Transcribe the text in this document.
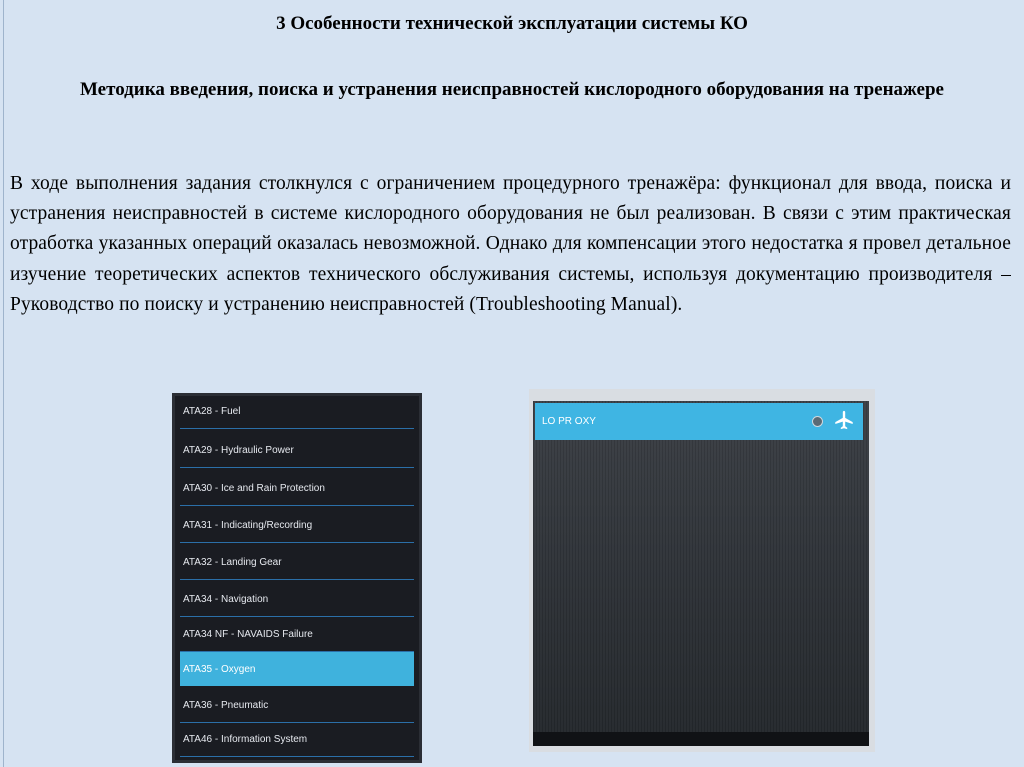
3 Особенности технической эксплуатации системы КО
Методика введения, поиска и устранения неисправностей кислородного оборудования на тренажере
В ходе выполнения задания столкнулся с ограничением процедурного тренажёра: функционал для ввода, поиска и устранения неисправностей в системе кислородного оборудования не был реализован. В связи с этим практическая отработка указанных операций оказалась невозможной. Однако для компенсации этого недостатка я провел детальное изучение теоретических аспектов технического обслуживания системы, используя документацию производителя – Руководство по поиску и устранению неисправностей (Troubleshooting Manual).
ATA28 - Fuel
ATA29 - Hydraulic Power
ATA30 - Ice and Rain Protection
ATA31 - Indicating/Recording
ATA32 - Landing Gear
ATA34 - Navigation
ATA34 NF - NAVAIDS Failure
ATA35 - Oxygen
ATA36 - Pneumatic
ATA46 - Information System
LO PR OXY
